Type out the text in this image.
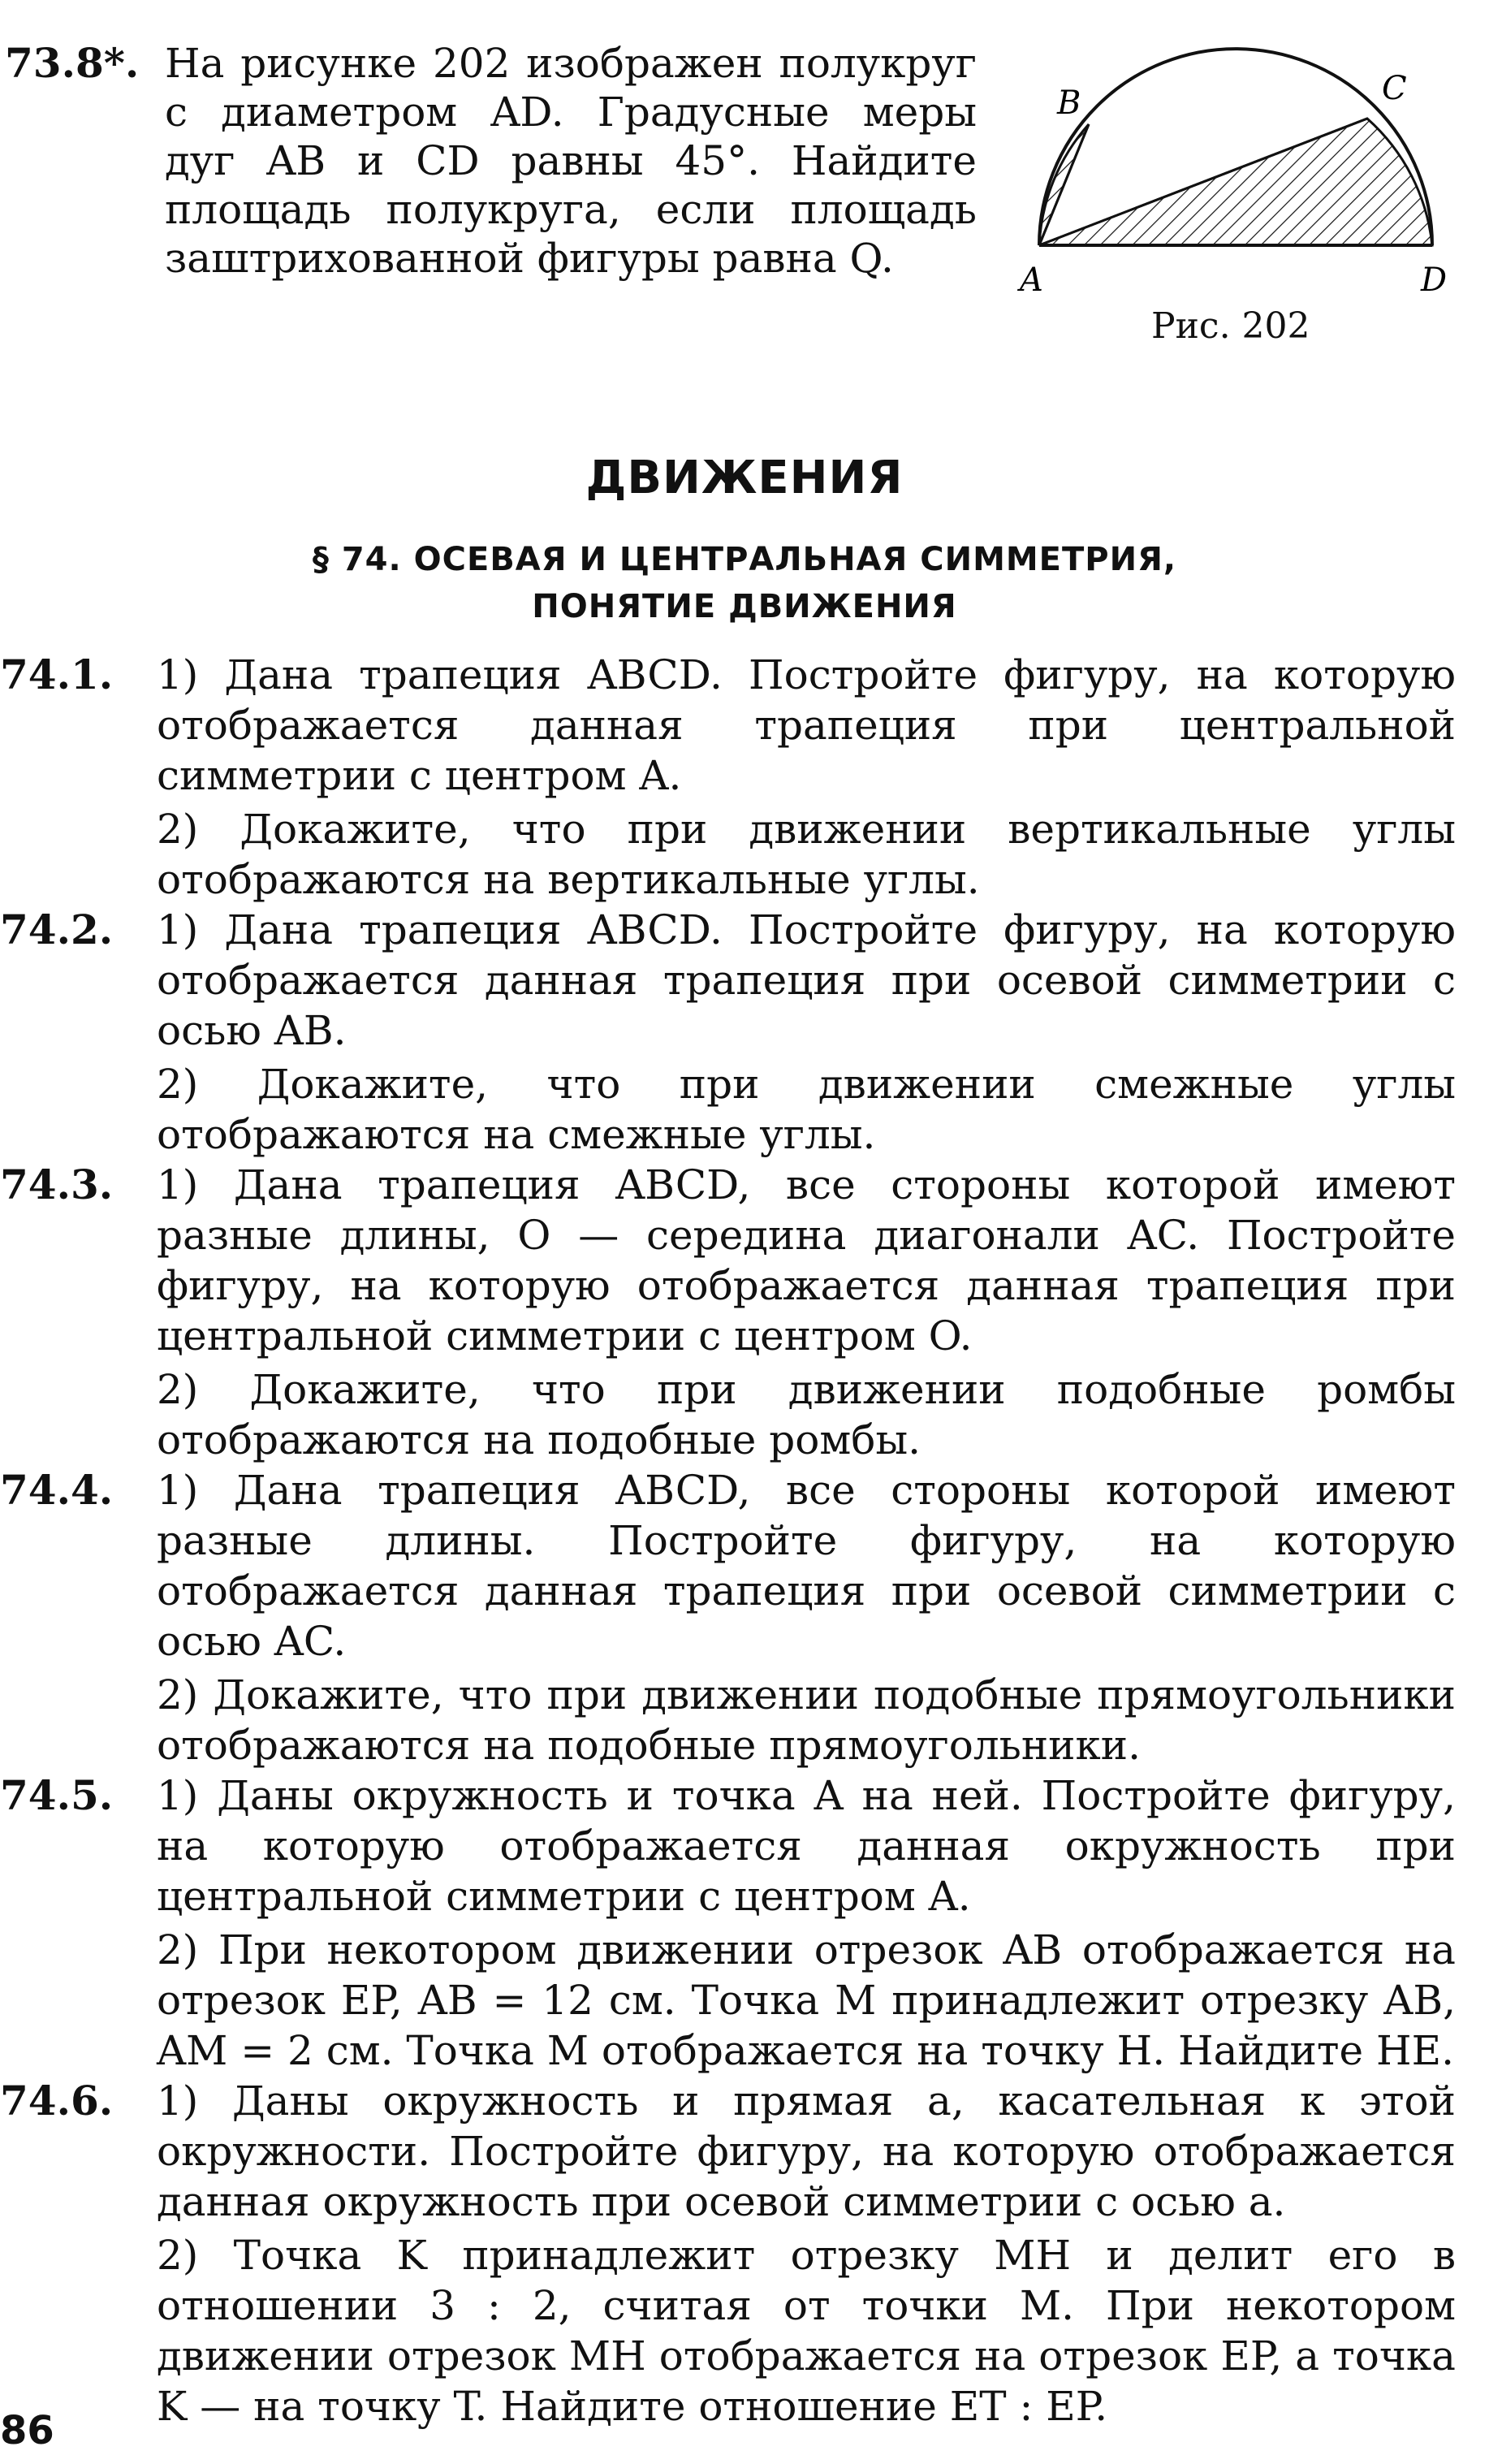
73.8*. На рисунке 202 изображен полукруг с диаметром AD. Градусные меры дуг AB и CD равны 45°. Найдите площадь полукруга, если площадь заштрихованной фигуры равна Q.
B	C
A	D
Рис. 202
ДВИЖЕНИЯ
§ 74. ОСЕВАЯ И ЦЕНТРАЛЬНАЯ СИММЕТРИЯ,
ПОНЯТИЕ ДВИЖЕНИЯ
74.1. 1) Дана трапеция ABCD. Постройте фигуру, на которую отображается данная трапеция при центральной симметрии с центром A.
2) Докажите, что при движении вертикальные углы отображаются на вертикальные углы.
74.2. 1) Дана трапеция ABCD. Постройте фигуру, на которую отображается данная трапеция при осевой симметрии с осью AB.
2) Докажите, что при движении смежные углы отображаются на смежные углы.
74.3. 1) Дана трапеция ABCD, все стороны которой имеют разные длины, O — середина диагонали AC. Постройте фигуру, на которую отображается данная трапеция при центральной симметрии с центром O.
2) Докажите, что при движении подобные ромбы отображаются на подобные ромбы.
74.4. 1) Дана трапеция ABCD, все стороны которой имеют разные длины. Постройте фигуру, на которую отображается данная трапеция при осевой симметрии с осью AC.
2) Докажите, что при движении подобные прямоугольники отображаются на подобные прямоугольники.
74.5. 1) Даны окружность и точка A на ней. Постройте фигуру, на которую отображается данная окружность при центральной симметрии с центром A.
2) При некотором движении отрезок AB отображается на отрезок EP, AB = 12 см. Точка M принадлежит отрезку AB, AM = 2 см. Точка M отображается на точку H. Найдите HE.
74.6. 1) Даны окружность и прямая a, касательная к этой окружности. Постройте фигуру, на которую отображается данная окружность при осевой симметрии с осью a.
2) Точка K принадлежит отрезку MH и делит его в отношении 3 : 2, считая от точки M. При некотором движении отрезок MH отображается на отрезок EP, а точка K — на точку T. Найдите отношение ET : EP.
86
